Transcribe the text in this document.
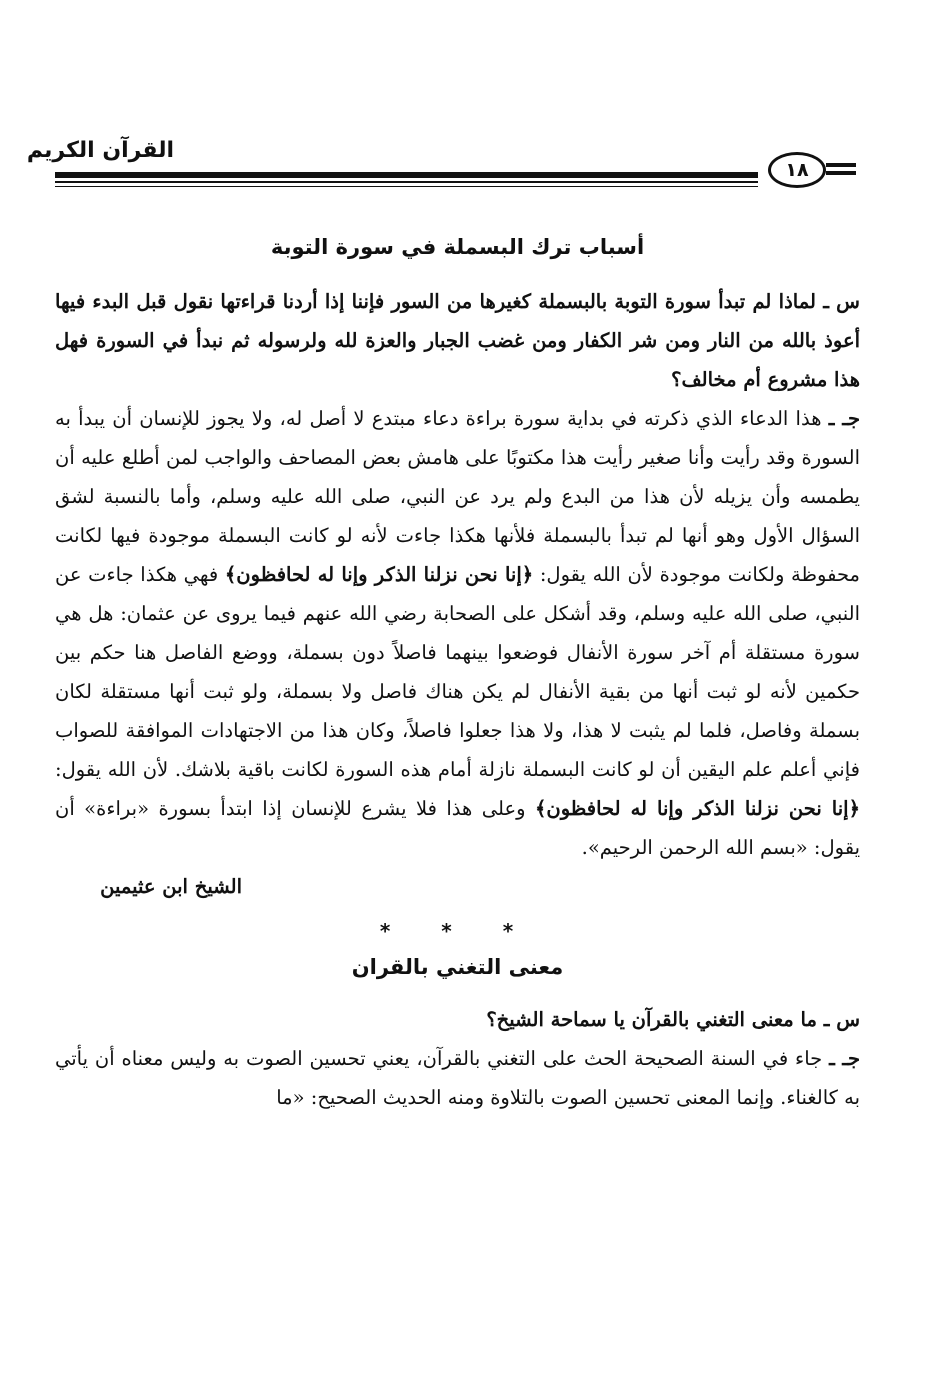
القرآن الكريم
١٨
أسباب ترك البسملة في سورة التوبة

س ـ لماذا لم تبدأ سورة التوبة بالبسملة كغيرها من السور فإننا إذا أردنا قراءتها نقول قبل البدء فيها أعوذ بالله من النار ومن شر الكفار ومن غضب الجبار والعزة لله ولرسوله ثم نبدأ في السورة فهل هذا مشروع أم مخالف؟

جـ ـ هذا الدعاء الذي ذكرته في بداية سورة براءة دعاء مبتدع لا أصل له، ولا يجوز للإنسان أن يبدأ به السورة وقد رأيت وأنا صغير رأيت هذا مكتوبًا على هامش بعض المصاحف والواجب لمن أطلع عليه أن يطمسه وأن يزيله لأن هذا من البدع ولم يرد عن النبي، صلى الله عليه وسلم، وأما بالنسبة لشق السؤال الأول وهو أنها لم تبدأ بالبسملة فلأنها هكذا جاءت لأنه لو كانت البسملة موجودة فيها لكانت محفوظة ولكانت موجودة لأن الله يقول: ﴿إنا نحن نزلنا الذكر وإنا له لحافظون﴾ فهي هكذا جاءت عن النبي، صلى الله عليه وسلم، وقد أشكل على الصحابة رضي الله عنهم فيما يروى عن عثمان: هل هي سورة مستقلة أم آخر سورة الأنفال فوضعوا بينهما فاصلاً دون بسملة، ووضع الفاصل هنا حكم بين حكمين لأنه لو ثبت أنها من بقية الأنفال لم يكن هناك فاصل ولا بسملة، ولو ثبت أنها مستقلة لكان بسملة وفاصل، فلما لم يثبت لا هذا، ولا هذا جعلوا فاصلاً، وكان هذا من الاجتهادات الموافقة للصواب فإني أعلم علم اليقين أن لو كانت البسملة نازلة أمام هذه السورة لكانت باقية بلاشك. لأن الله يقول: ﴿إنا نحن نزلنا الذكر وإنا له لحافظون﴾ وعلى هذا فلا يشرع للإنسان إذا ابتدأ بسورة «براءة» أن يقول: «بسم الله الرحمن الرحيم».

الشيخ ابن عثيمين

* * *
معنى التغني بالقران

س ـ ما معنى التغني بالقرآن يا سماحة الشيخ؟

جـ ـ جاء في السنة الصحيحة الحث على التغني بالقرآن، يعني تحسين الصوت به وليس معناه أن يأتي به كالغناء. وإنما المعنى تحسين الصوت بالتلاوة ومنه الحديث الصحيح: «ما
